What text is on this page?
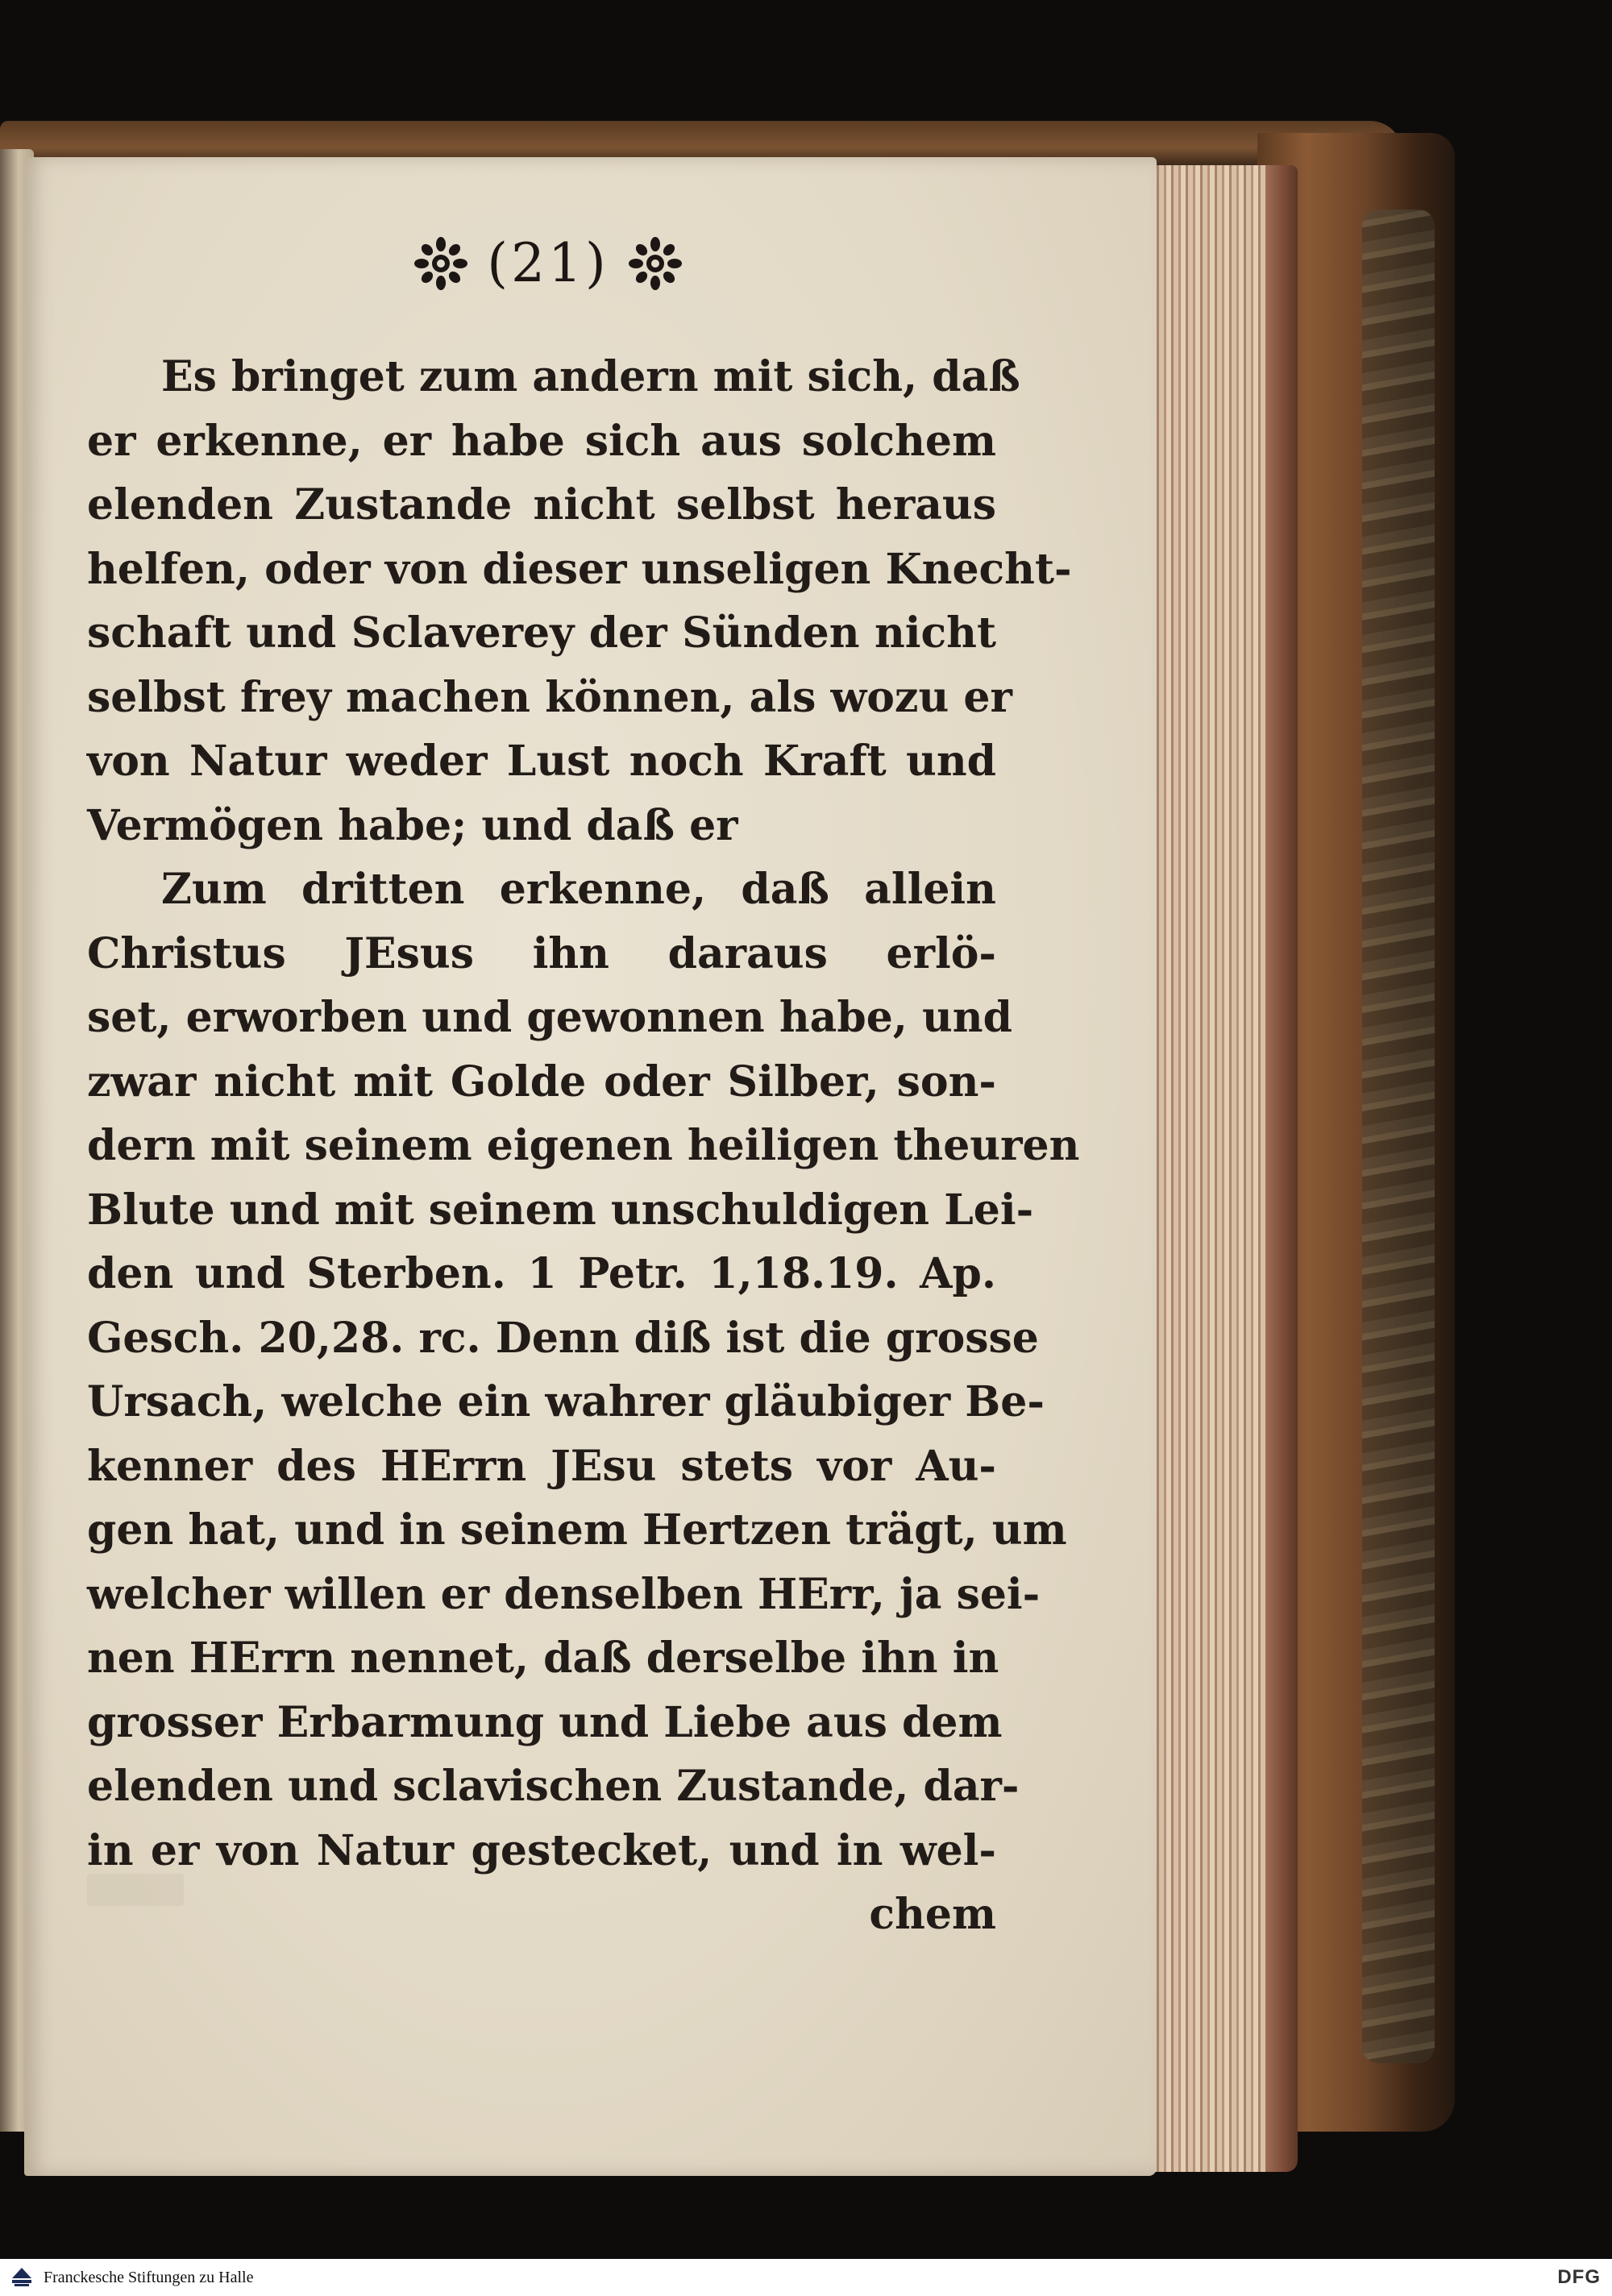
(21)
Es bringet zum andern mit sich, daß
er erkenne, er habe sich aus solchem
elenden Zustande nicht selbst heraus
helfen, oder von dieser unseligen Knecht-
schaft und Sclaverey der Sünden nicht
selbst frey machen können, als wozu er
von Natur weder Lust noch Kraft und
Vermögen habe; und daß er
Zum dritten erkenne, daß allein
Christus JEsus ihn daraus erlö-
set, erworben und gewonnen habe, und
zwar nicht mit Golde oder Silber, son-
dern mit seinem eigenen heiligen theuren
Blute und mit seinem unschuldigen Lei-
den und Sterben. 1 Petr. 1,18.19. Ap.
Gesch. 20,28. rc. Denn diß ist die grosse
Ursach, welche ein wahrer gläubiger Be-
kenner des HErrn JEsu stets vor Au-
gen hat, und in seinem Hertzen trägt, um
welcher willen er denselben HErr, ja sei-
nen HErrn nennet, daß derselbe ihn in
grosser Erbarmung und Liebe aus dem
elenden und sclavischen Zustande, dar-
in er von Natur gestecket, und in wel-
chem
Franckesche Stiftungen zu Halle	DFG
